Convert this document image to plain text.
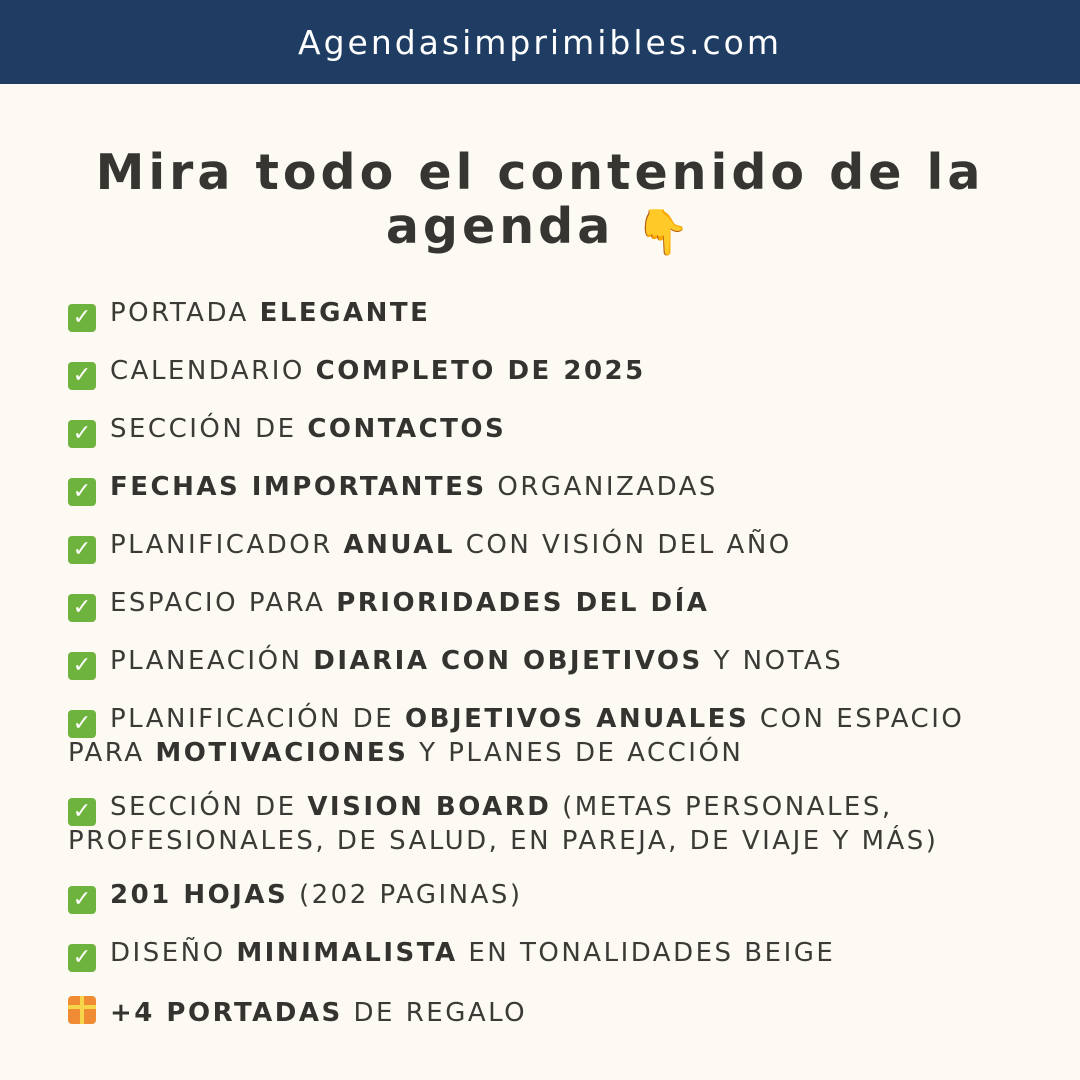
Agendasimprimibles.com
Mira todo el contenido de la
agenda 👇
✓ PORTADA ELEGANTE
✓ CALENDARIO COMPLETO DE 2025
✓ SECCIÓN DE CONTACTOS
✓ FECHAS IMPORTANTES ORGANIZADAS
✓ PLANIFICADOR ANUAL CON VISIÓN DEL AÑO
✓ ESPACIO PARA PRIORIDADES DEL DÍA
✓ PLANEACIÓN DIARIA CON OBJETIVOS Y NOTAS
✓ PLANIFICACIÓN DE OBJETIVOS ANUALES CON ESPACIO PARA MOTIVACIONES Y PLANES DE ACCIÓN
✓ SECCIÓN DE VISION BOARD (METAS PERSONALES, PROFESIONALES, DE SALUD, EN PAREJA, DE VIAJE Y MÁS)
✓ 201 HOJAS (202 PAGINAS)
✓ DISEÑO MINIMALISTA EN TONALIDADES BEIGE
+4 PORTADAS DE REGALO
